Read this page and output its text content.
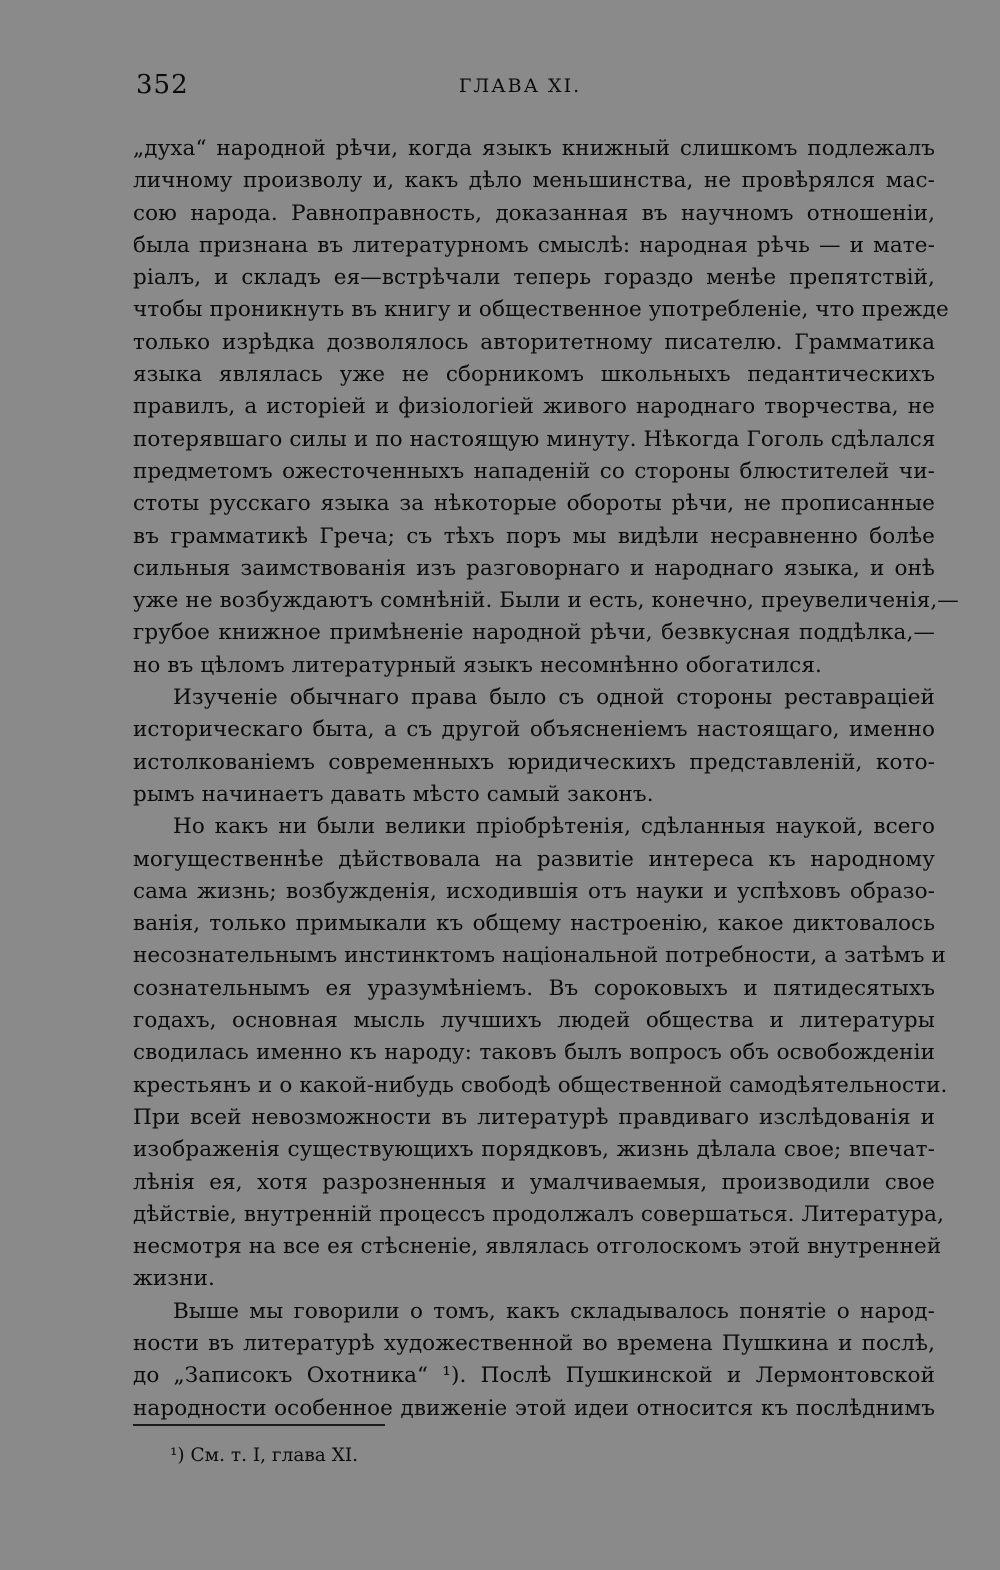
352	ГЛАВА XI.
„духа“ народной рѣчи, когда языкъ книжный слишкомъ подлежалъ
личному произволу и, какъ дѣло меньшинства, не провѣрялся мас-
сою народа. Равноправность, доказанная въ научномъ отношеніи,
была признана въ литературномъ смыслѣ: народная рѣчь — и мате-
ріалъ, и складъ ея—встрѣчали теперь гораздо менѣе препятствій,
чтобы проникнуть въ книгу и общественное употребленіе, что прежде
только изрѣдка дозволялось авторитетному писателю. Грамматика
языка являлась уже не сборникомъ школьныхъ педантическихъ
правилъ, а исторіей и физіологіей живого народнаго творчества, не
потерявшаго силы и по настоящую минуту. Нѣкогда Гоголь сдѣлался
предметомъ ожесточенныхъ нападеній со стороны блюстителей чи-
стоты русскаго языка за нѣкоторые обороты рѣчи, не прописанные
въ грамматикѣ Греча; съ тѣхъ поръ мы видѣли несравненно болѣе
сильныя заимствованія изъ разговорнаго и народнаго языка, и онѣ
уже не возбуждаютъ сомнѣній. Были и есть, конечно, преувеличенія,—
грубое книжное примѣненіе народной рѣчи, безвкусная поддѣлка,—
но въ цѣломъ литературный языкъ несомнѣнно обогатился.
Изученіе обычнаго права было съ одной стороны реставраціей
историческаго быта, а съ другой объясненіемъ настоящаго, именно
истолкованіемъ современныхъ юридическихъ представленій, кото-
рымъ начинаетъ давать мѣсто самый законъ.
Но какъ ни были велики пріобрѣтенія, сдѣланныя наукой, всего
могущественнѣе дѣйствовала на развитіе интереса къ народному
сама жизнь; возбужденія, исходившія отъ науки и успѣховъ образо-
ванія, только примыкали къ общему настроенію, какое диктовалось
несознательнымъ инстинктомъ національной потребности, а затѣмъ и
сознательнымъ ея уразумѣніемъ. Въ сороковыхъ и пятидесятыхъ
годахъ, основная мысль лучшихъ людей общества и литературы
сводилась именно къ народу: таковъ былъ вопросъ объ освобожденіи
крестьянъ и о какой-нибудь свободѣ общественной самодѣятельности.
При всей невозможности въ литературѣ правдиваго изслѣдованія и
изображенія существующихъ порядковъ, жизнь дѣлала свое; впечат-
лѣнія ея, хотя разрозненныя и умалчиваемыя, производили свое
дѣйствіе, внутренній процессъ продолжалъ совершаться. Литература,
несмотря на все ея стѣсненіе, являлась отголоскомъ этой внутренней
жизни.
Выше мы говорили о томъ, какъ складывалось понятіе о народ-
ности въ литературѣ художественной во времена Пушкина и послѣ,
до „Записокъ Охотника“ ¹). Послѣ Пушкинской и Лермонтовской
народности особенное движеніе этой идеи относится къ послѣднимъ
¹) См. т. I, глава XI.
